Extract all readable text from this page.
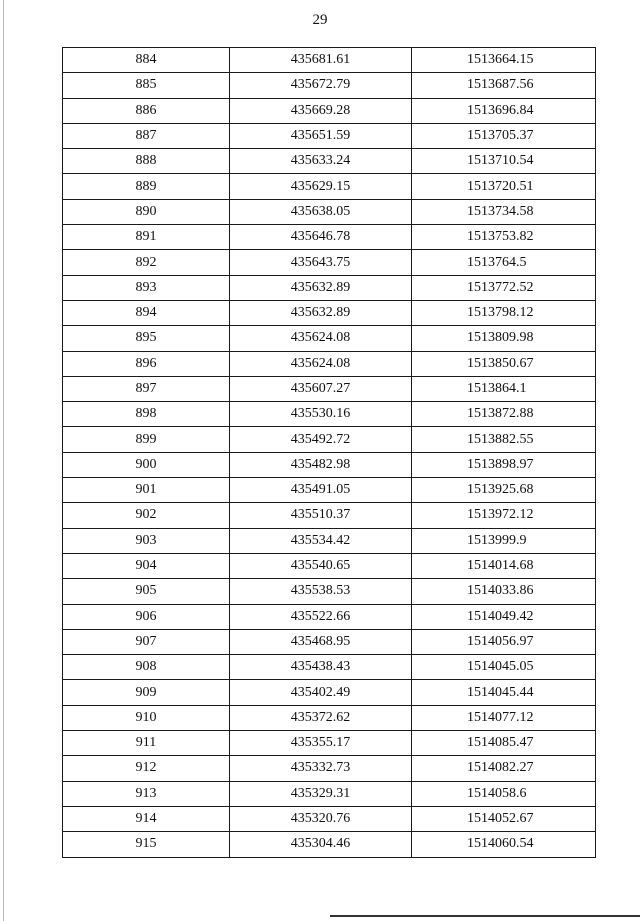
29
884	435681.61	1513664.15
885	435672.79	1513687.56
886	435669.28	1513696.84
887	435651.59	1513705.37
888	435633.24	1513710.54
889	435629.15	1513720.51
890	435638.05	1513734.58
891	435646.78	1513753.82
892	435643.75	1513764.5
893	435632.89	1513772.52
894	435632.89	1513798.12
895	435624.08	1513809.98
896	435624.08	1513850.67
897	435607.27	1513864.1
898	435530.16	1513872.88
899	435492.72	1513882.55
900	435482.98	1513898.97
901	435491.05	1513925.68
902	435510.37	1513972.12
903	435534.42	1513999.9
904	435540.65	1514014.68
905	435538.53	1514033.86
906	435522.66	1514049.42
907	435468.95	1514056.97
908	435438.43	1514045.05
909	435402.49	1514045.44
910	435372.62	1514077.12
911	435355.17	1514085.47
912	435332.73	1514082.27
913	435329.31	1514058.6
914	435320.76	1514052.67
915	435304.46	1514060.54
